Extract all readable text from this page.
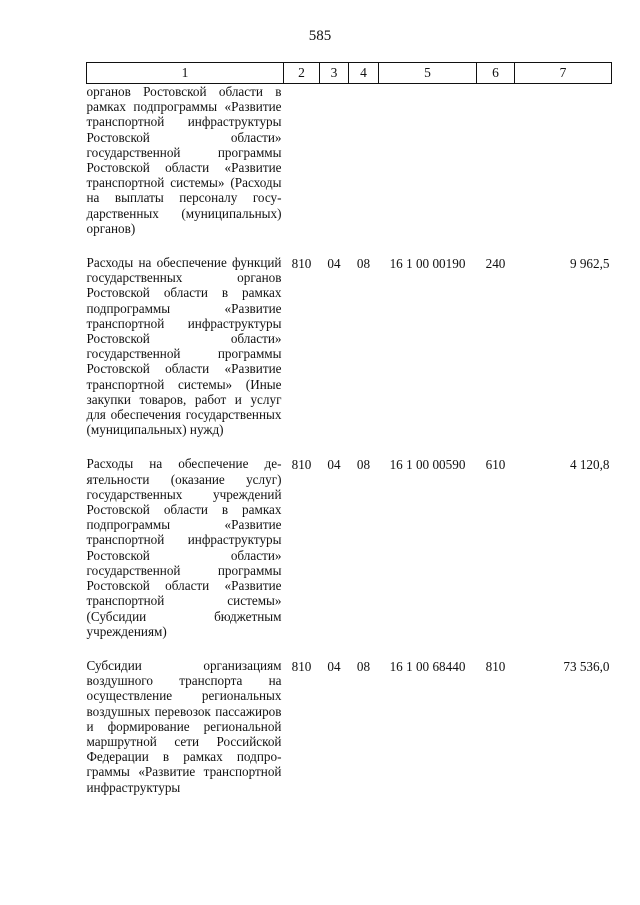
585
1	2	3	4	5	6	7
органов Ростовской области в рамках подпрограммы «Развитие транспортной инфраструктуры Ростовской области» государственной программы Ростовской области «Развитие транспортной системы» (Расходы на выплаты персоналу государственных (муниципальных) органов)						
Расходы на обеспечение функций государственных органов Ростовской области в рамках подпрограммы «Развитие транспортной инфраструктуры Ростовской области» государственной программы Ростовской области «Развитие транспортной системы» (Иные закупки товаров, работ и услуг для обеспечения государственных (муниципальных) нужд)	810	04	08	16 1 00 00190	240	9 962,5
Расходы на обеспечение деятельности (оказание услуг) государственных учреждений Ростовской области в рамках подпрограммы «Развитие транспортной инфраструктуры Ростовской области» государственной программы Ростовской области «Развитие транспортной системы» (Субсидии бюджетным учреждениям)	810	04	08	16 1 00 00590	610	4 120,8
Субсидии организациям воздушного транспорта на осуществление региональных воздушных перевозок пассажиров и формирование региональной маршрутной сети Российской Федерации в рамках подпрограммы «Развитие транспортной инфраструктуры	810	04	08	16 1 00 68440	810	73 536,0
